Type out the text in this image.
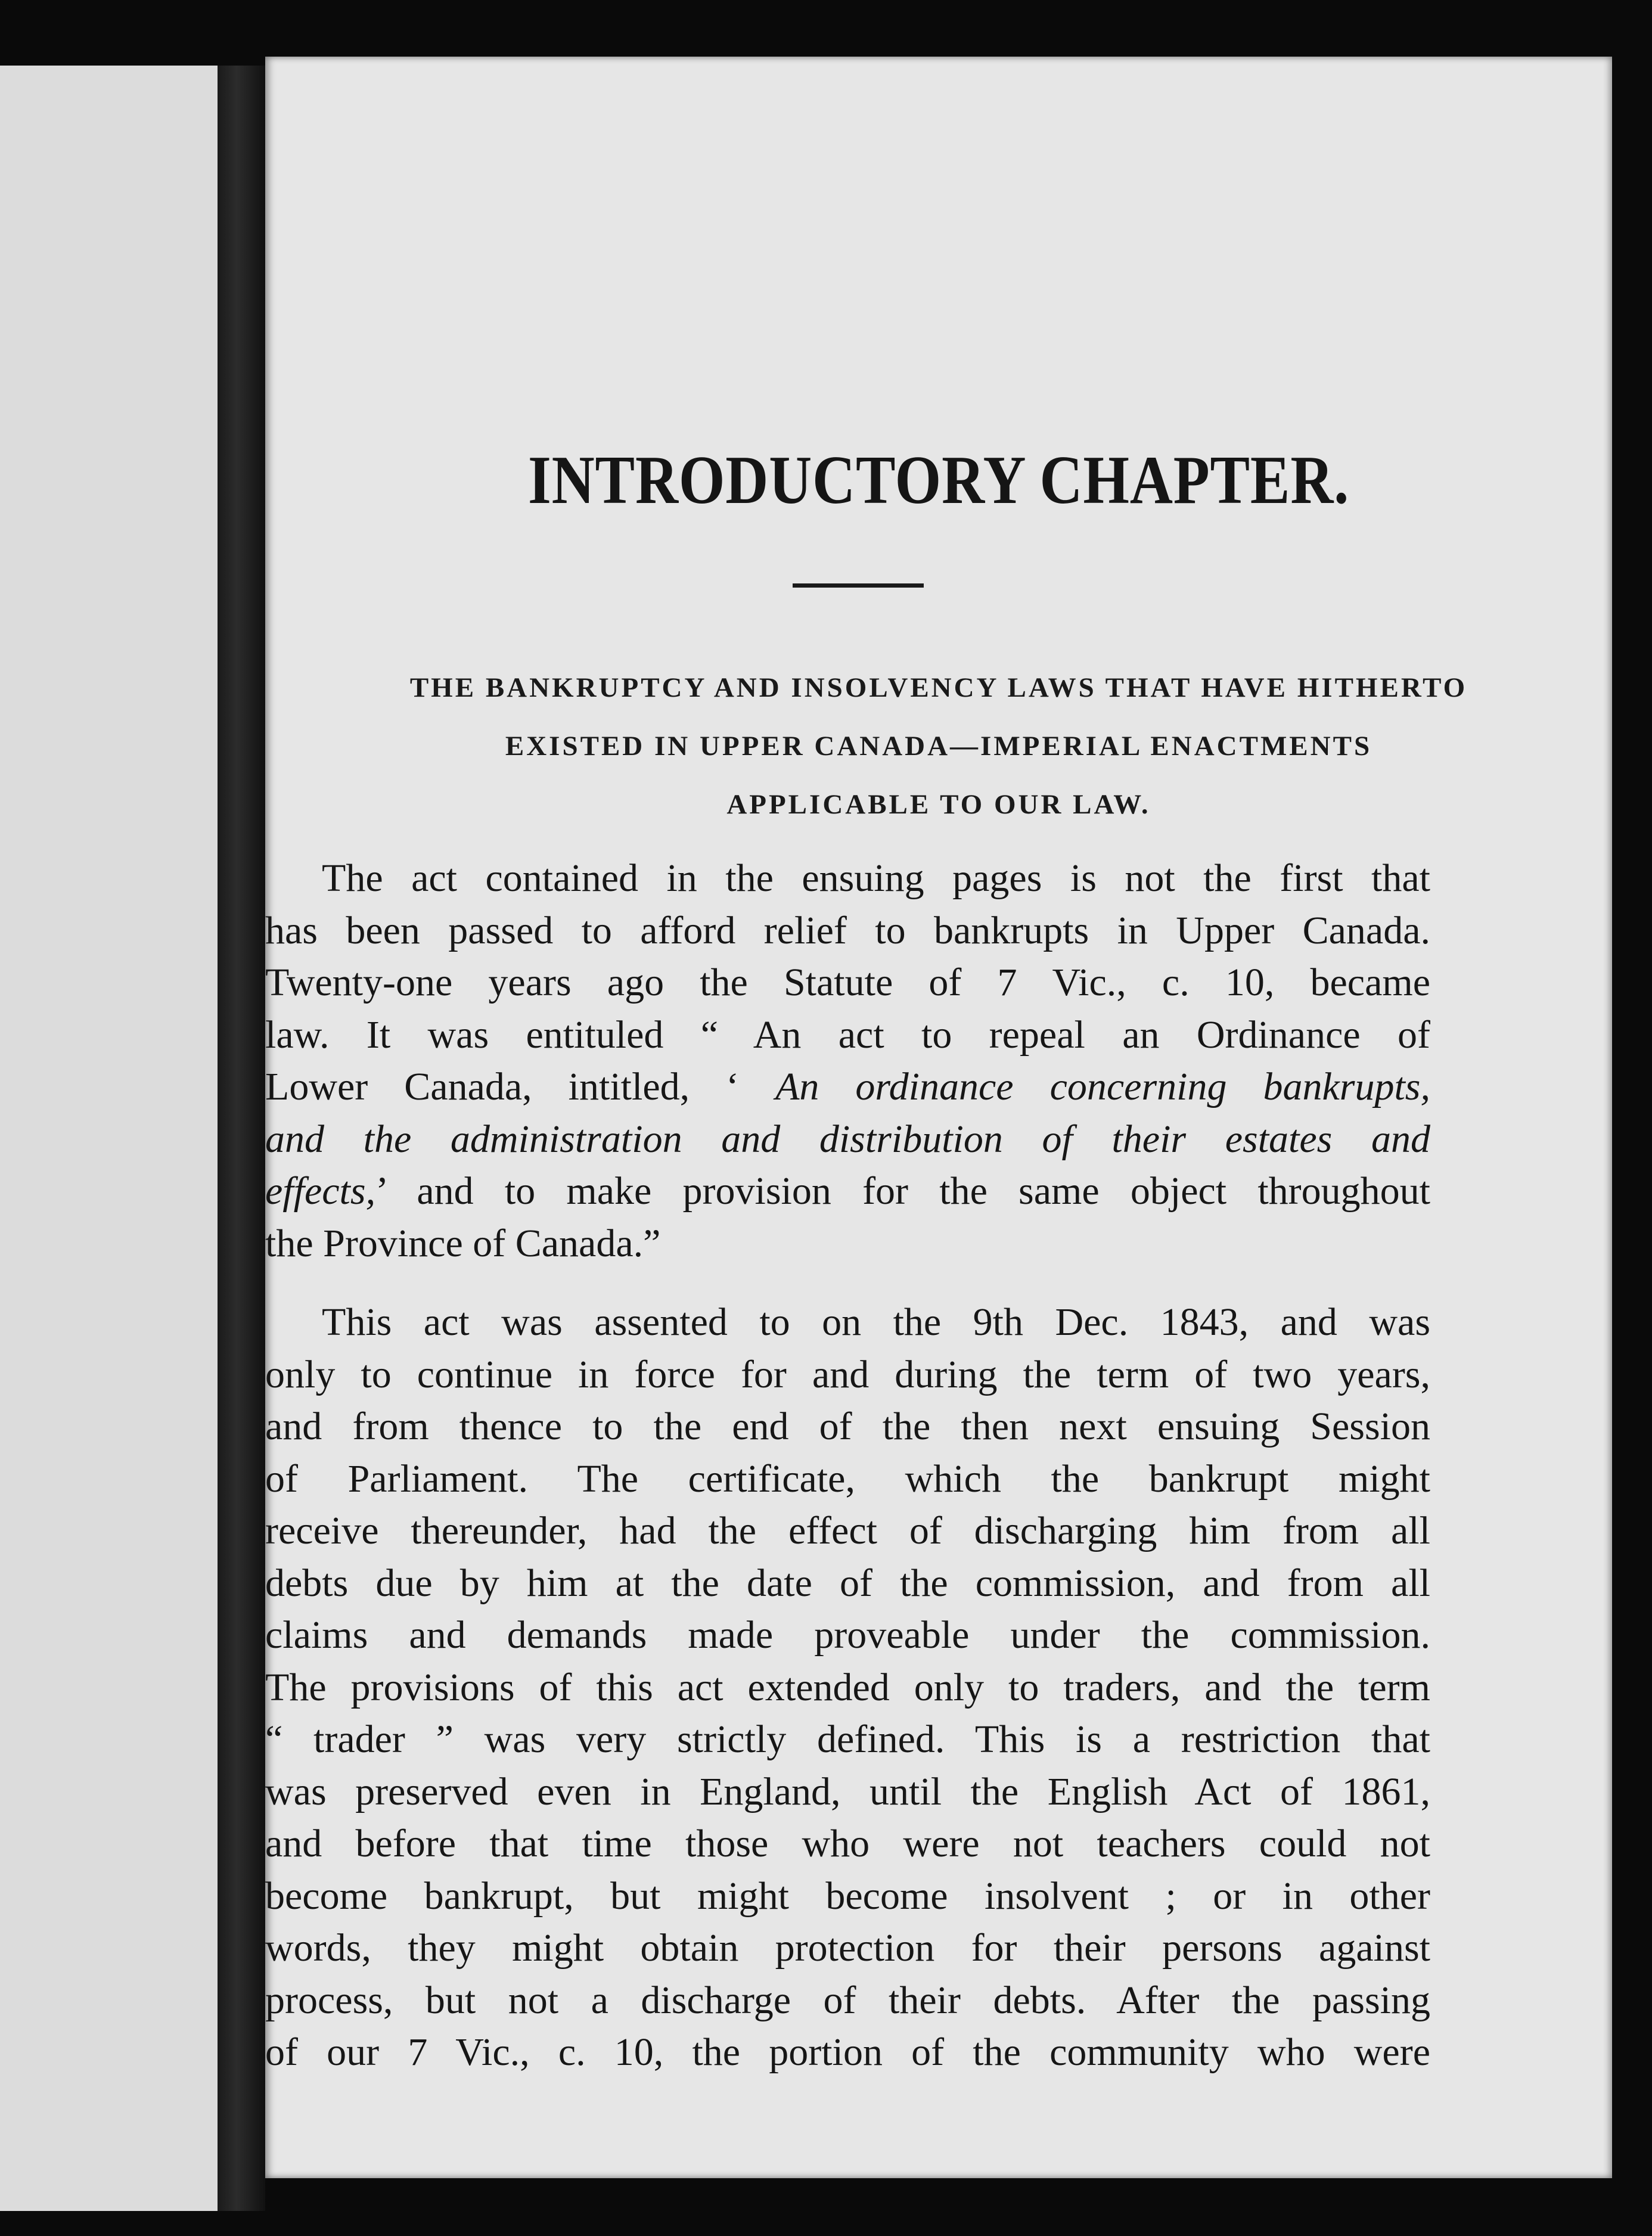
INTRODUCTORY CHAPTER.
THE BANKRUPTCY AND INSOLVENCY LAWS THAT HAVE HITHERTO
EXISTED IN UPPER CANADA—IMPERIAL ENACTMENTS
APPLICABLE TO OUR LAW.
The act contained in the ensuing pages is not the first that
has been passed to afford relief to bankrupts in Upper Canada.
Twenty-one years ago the Statute of 7 Vic., c. 10, became
law. It was entituled “ An act to repeal an Ordinance of
Lower Canada, intitled, ‘ An ordinance concerning bankrupts,
and the administration and distribution of their estates and
effects,’ and to make provision for the same object throughout
the Province of Canada.”
This act was assented to on the 9th Dec. 1843, and was
only to continue in force for and during the term of two years,
and from thence to the end of the then next ensuing Session
of Parliament. The certificate, which the bankrupt might
receive thereunder, had the effect of discharging him from all
debts due by him at the date of the commission, and from all
claims and demands made proveable under the commission.
The provisions of this act extended only to traders, and the term
“ trader ” was very strictly defined. This is a restriction that
was preserved even in England, until the English Act of 1861,
and before that time those who were not teachers could not
become bankrupt, but might become insolvent ; or in other
words, they might obtain protection for their persons against
process, but not a discharge of their debts. After the passing
of our 7 Vic., c. 10, the portion of the community who were
